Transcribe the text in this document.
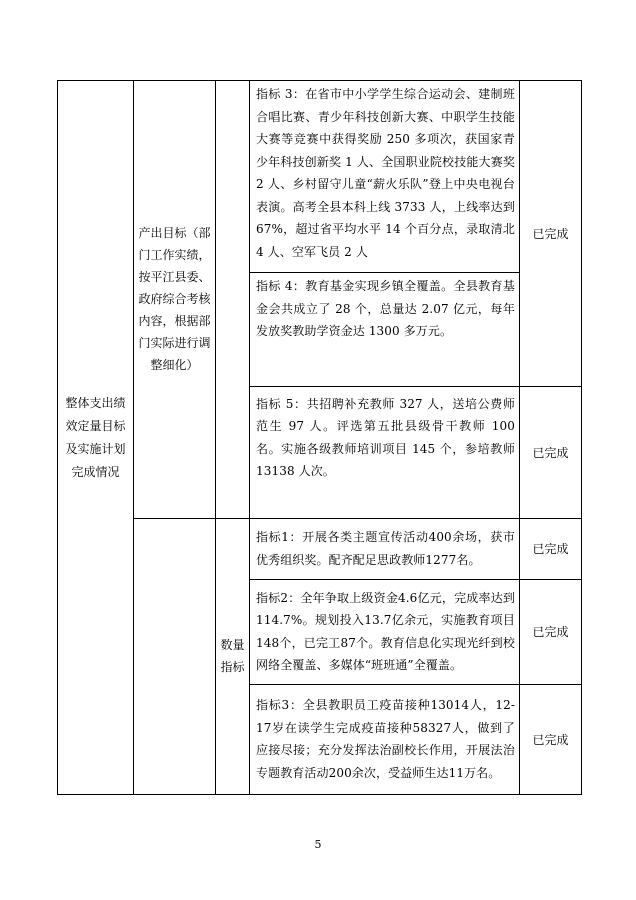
整体支出绩效定量目标及实施计划完成情况	产出目标（部门工作实绩，按平江县委、政府综合考核内容，根据部门实际进行调整细化）		指标 3：在省市中小学学生综合运动会、建制班合唱比赛、青少年科技创新大赛、中职学生技能大赛等竞赛中获得奖励 250 多项次，获国家青少年科技创新奖 1 人、全国职业院校技能大赛奖 2 人、乡村留守儿童“薪火乐队”登上中央电视台表演。高考全县本科上线 3733 人，上线率达到 67%，超过省平均水平 14 个百分点，录取清北 4 人、空军飞员 2 人	已完成
			指标 4：教育基金实现乡镇全覆盖。全县教育基金会共成立了 28 个，总量达 2.07 亿元，每年发放奖教助学资金达 1300 多万元。	
			指标 5：共招聘补充教师 327 人，送培公费师范生 97 人。评选第五批县级骨干教师 100 名。实施各级教师培训项目 145 个，参培教师 13138 人次。	已完成
		数量指标	指标1：开展各类主题宣传活动400余场，获市优秀组织奖。配齐配足思政教师1277名。	已完成
			指标2：全年争取上级资金4.6亿元，完成率达到114.7%。规划投入13.7亿余元，实施教育项目148个，已完工87个。教育信息化实现光纤到校网络全覆盖、多媒体“班班通”全覆盖。	已完成
			指标3：全县教职员工疫苗接种13014人，12-17岁在读学生完成疫苗接种58327人，做到了应接尽接；充分发挥法治副校长作用，开展法治专题教育活动200余次，受益师生达11万名。	已完成
5
